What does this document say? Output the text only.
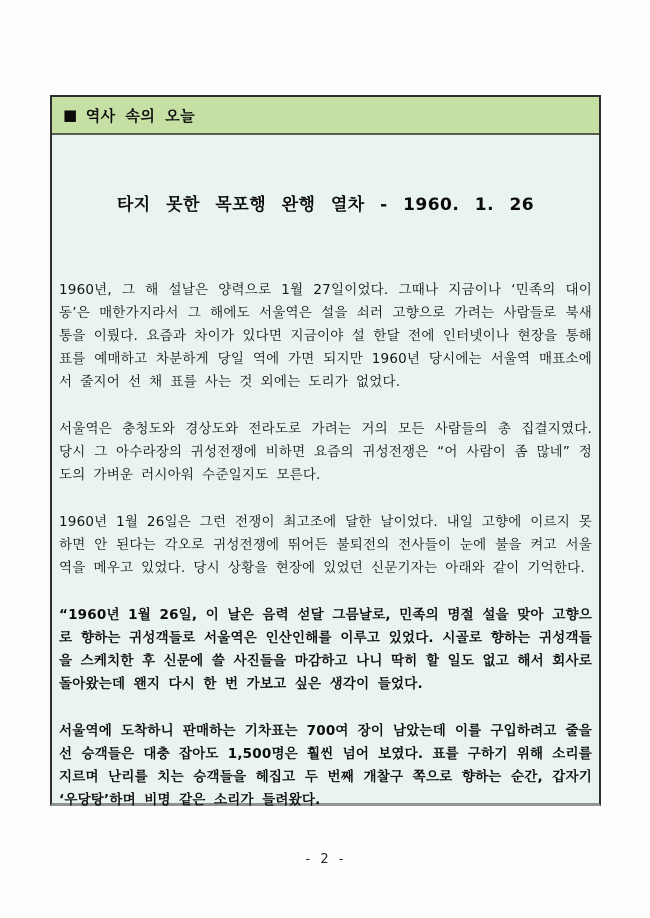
■ 역사 속의 오늘
타지 못한 목포행 완행 열차 - 1960. 1. 26

1960년, 그 해 설날은 양력으로 1월 27일이었다. 그때나 지금이나 ‘민족의 대이동’은 매한가지라서 그 해에도 서울역은 설을 쇠러 고향으로 가려는 사람들로 북새통을 이뤘다. 요즘과 차이가 있다면 지금이야 설 한달 전에 인터넷이나 현장을 통해 표를 예매하고 차분하게 당일 역에 가면 되지만 1960년 당시에는 서울역 매표소에서 줄지어 선 채 표를 사는 것 외에는 도리가 없었다.

서울역은 충청도와 경상도와 전라도로 가려는 거의 모든 사람들의 총 집결지였다. 당시 그 아수라장의 귀성전쟁에 비하면 요즘의 귀성전쟁은 “어 사람이 좀 많네” 정도의 가벼운 러시아워 수준일지도 모른다.

1960년 1월 26일은 그런 전쟁이 최고조에 달한 날이었다. 내일 고향에 이르지 못하면 안 된다는 각오로 귀성전쟁에 뛰어든 불퇴전의 전사들이 눈에 불을 켜고 서울역을 메우고 있었다. 당시 상황을 현장에 있었던 신문기자는 아래와 같이 기억한다.

“1960년 1월 26일, 이 날은 음력 섣달 그믐날로, 민족의 명절 설을 맞아 고향으로 향하는 귀성객들로 서울역은 인산인해를 이루고 있었다. 시골로 향하는 귀성객들을 스케치한 후 신문에 쓸 사진들을 마감하고 나니 딱히 할 일도 없고 해서 회사로 돌아왔는데 왠지 다시 한 번 가보고 싶은 생각이 들었다.

서울역에 도착하니 판매하는 기차표는 700여 장이 남았는데 이를 구입하려고 줄을 선 승객들은 대충 잡아도 1,500명은 훨씬 넘어 보였다. 표를 구하기 위해 소리를 지르며 난리를 치는 승객들을 헤집고 두 번째 개찰구 쪽으로 향하는 순간, 갑자기 ‘우당탕’하며 비명 같은 소리가 들려왔다.

- 2 -
